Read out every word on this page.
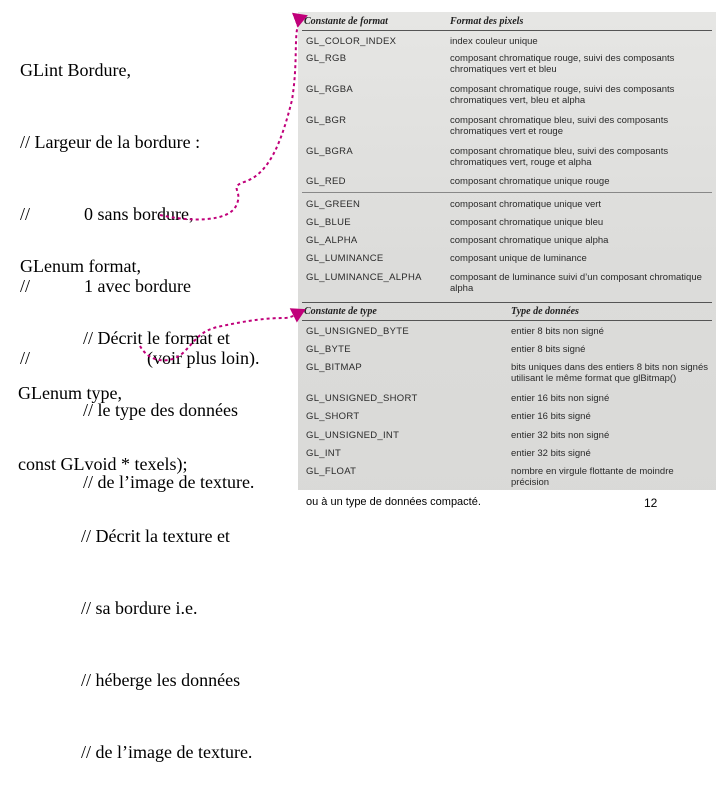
GLint Bordure,

// Largeur de la bordure :

//            0 sans bordure,

//            1 avec bordure

//                          (voir plus loin).

GLenum format,

// Décrit le format et

// le type des données

// de l’image de texture.

GLenum type,

const GLvoid * texels);

// Décrit la texture et

// sa bordure i.e.

// héberge les données

// de l’image de texture.

Constante de format	Format des pixels
GL_COLOR_INDEX	index couleur unique
GL_RGB	composant chromatique rouge, suivi des composants chromatiques vert et bleu
GL_RGBA	composant chromatique rouge, suivi des composants chromatiques vert, bleu et alpha
GL_BGR	composant chromatique bleu, suivi des composants chromatiques vert et rouge
GL_BGRA	composant chromatique bleu, suivi des composants chromatiques vert, rouge et alpha
GL_RED	composant chromatique unique rouge
GL_GREEN	composant chromatique unique vert
GL_BLUE	composant chromatique unique bleu
GL_ALPHA	composant chromatique unique alpha
GL_LUMINANCE	composant unique de luminance
GL_LUMINANCE_ALPHA	composant de luminance suivi d’un composant chromatique alpha
Constante de type	Type de données
GL_UNSIGNED_BYTE	entier 8 bits non signé
GL_BYTE	entier 8 bits signé
GL_BITMAP	bits uniques dans des entiers 8 bits non signés utilisant le même format que glBitmap()
GL_UNSIGNED_SHORT	entier 16 bits non signé
GL_SHORT	entier 16 bits signé
GL_UNSIGNED_INT	entier 32 bits non signé
GL_INT	entier 32 bits signé
GL_FLOAT	nombre en virgule flottante de moindre précision
ou à un type de données compacté.	12
